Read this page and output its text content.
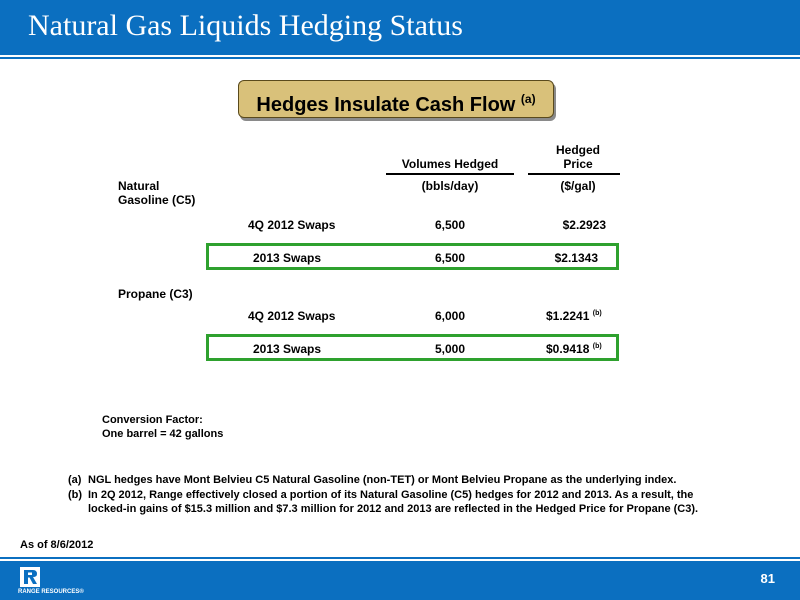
Natural Gas Liquids Hedging Status
Hedges Insulate Cash Flow $^{(a)}$
Hedged
Price
Volumes Hedged
(bbls/day)	($/gal)
Natural
Gasoline (C5)
4Q 2012 Swaps	6,500	$2.2923
2013 Swaps	6,500	$2.1343
Propane (C3)
4Q 2012 Swaps	6,000	$1.2241 $^{(b)}$
2013 Swaps	5,000	$0.9418 $^{(b)}$
Conversion Factor:
One barrel = 42 gallons
(a) NGL hedges have Mont Belvieu C5 Natural Gasoline (non-TET) or Mont Belvieu Propane as the underlying index.
(b) In 2Q 2012, Range effectively closed a portion of its Natural Gasoline (C5) hedges for 2012 and 2013. As a result, the
locked-in gains of $15.3 million and $7.3 million for 2012 and 2013 are reflected in the Hedged Price for Propane (C3).
As of 8/6/2012
RANGE RESOURCES®
81
